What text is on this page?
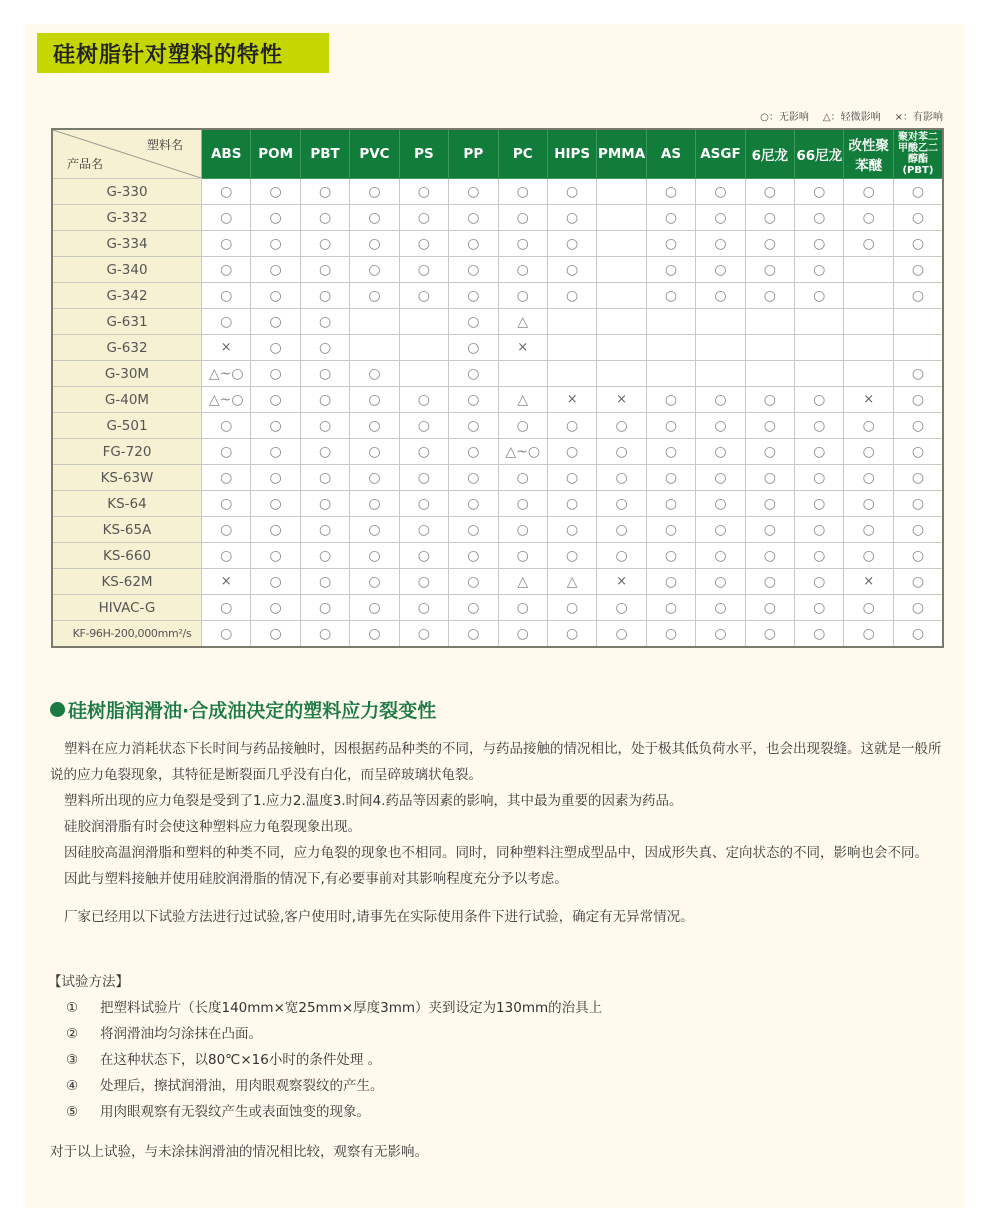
硅树脂针对塑料的特性
○：无影响 △：轻微影响 ×：有影响
塑料名
产品名	ABS	POM	PBT	PVC	PS	PP	PC	HIPS	PMMA	AS	ASGF	6尼龙	66尼龙	改性聚苯醚	聚对苯二甲酸乙二醇酯(PBT)
G-330	○	○	○	○	○	○	○	○		○	○	○	○	○	○
G-332	○	○	○	○	○	○	○	○		○	○	○	○	○	○
G-334	○	○	○	○	○	○	○	○		○	○	○	○	○	○
G-340	○	○	○	○	○	○	○	○		○	○	○	○		○
G-342	○	○	○	○	○	○	○	○		○	○	○	○		○
G-631	○	○	○			○	△								
G-632	×	○	○			○	×								
G-30M	△~○	○	○	○		○									○
G-40M	△~○	○	○	○	○	○	△	×	×	○	○	○	○	×	○
G-501	○	○	○	○	○	○	○	○	○	○	○	○	○	○	○
FG-720	○	○	○	○	○	○	△~○	○	○	○	○	○	○	○	○
KS-63W	○	○	○	○	○	○	○	○	○	○	○	○	○	○	○
KS-64	○	○	○	○	○	○	○	○	○	○	○	○	○	○	○
KS-65A	○	○	○	○	○	○	○	○	○	○	○	○	○	○	○
KS-660	○	○	○	○	○	○	○	○	○	○	○	○	○	○	○
KS-62M	×	○	○	○	○	○	△	△	×	○	○	○	○	×	○
HIVAC-G	○	○	○	○	○	○	○	○	○	○	○	○	○	○	○
KF-96H-200,000mm²/s	○	○	○	○	○	○	○	○	○	○	○	○	○	○	○
硅树脂润滑油·合成油决定的塑料应力裂变性

塑料在应力消耗状态下长时间与药品接触时，因根据药品种类的不同，与药品接触的情况相比，处于极其低负荷水平，也会出现裂缝。这就是一般所说的应力龟裂现象，其特征是断裂面几乎没有白化，而呈碎玻璃状龟裂。

塑料所出现的应力龟裂是受到了1.应力2.温度3.时间4.药品等因素的影响，其中最为重要的因素为药品。

硅胶润滑脂有时会使这种塑料应力龟裂现象出现。

因硅胶高温润滑脂和塑料的种类不同，应力龟裂的现象也不相同。同时，同种塑料注塑成型品中，因成形失真、定向状态的不同，影响也会不同。

因此与塑料接触并使用硅胶润滑脂的情况下,有必要事前对其影响程度充分予以考虑。

厂家已经用以下试验方法进行过试验,客户使用时,请事先在实际使用条件下进行试验，确定有无异常情况。

【试验方法】
①	把塑料试验片（长度140mm×宽25mm×厚度3mm）夹到设定为130mm的治具上
②	将润滑油均匀涂抹在凸面。
③	在这种状态下，以80℃×16小时的条件处理 。
④	处理后，擦拭润滑油，用肉眼观察裂纹的产生。
⑤	用肉眼观察有无裂纹产生或表面蚀变的现象。
对于以上试验，与未涂抹润滑油的情况相比较，观察有无影响。
